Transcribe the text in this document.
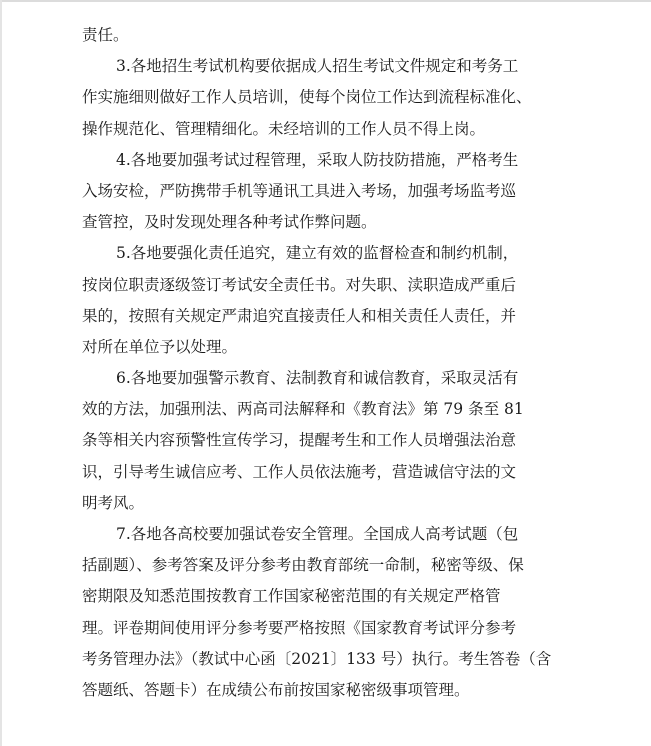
责任。
3.各地招生考试机构要依据成人招生考试文件规定和考务工
作实施细则做好工作人员培训，使每个岗位工作达到流程标准化、
操作规范化、管理精细化。未经培训的工作人员不得上岗。
4.各地要加强考试过程管理，采取人防技防措施，严格考生
入场安检，严防携带手机等通讯工具进入考场，加强考场监考巡
查管控，及时发现处理各种考试作弊问题。
5.各地要强化责任追究，建立有效的监督检查和制约机制，
按岗位职责逐级签订考试安全责任书。对失职、渎职造成严重后
果的，按照有关规定严肃追究直接责任人和相关责任人责任，并
对所在单位予以处理。
6.各地要加强警示教育、法制教育和诚信教育，采取灵活有
效的方法，加强刑法、两高司法解释和《教育法》第 79 条至 81
条等相关内容预警性宣传学习，提醒考生和工作人员增强法治意
识，引导考生诚信应考、工作人员依法施考，营造诚信守法的文
明考风。
7.各地各高校要加强试卷安全管理。全国成人高考试题（包
括副题）、参考答案及评分参考由教育部统一命制，秘密等级、保
密期限及知悉范围按教育工作国家秘密范围的有关规定严格管
理。评卷期间使用评分参考要严格按照《国家教育考试评分参考
考务管理办法》（教试中心函〔2021〕133 号）执行。考生答卷（含
答题纸、答题卡）在成绩公布前按国家秘密级事项管理。
